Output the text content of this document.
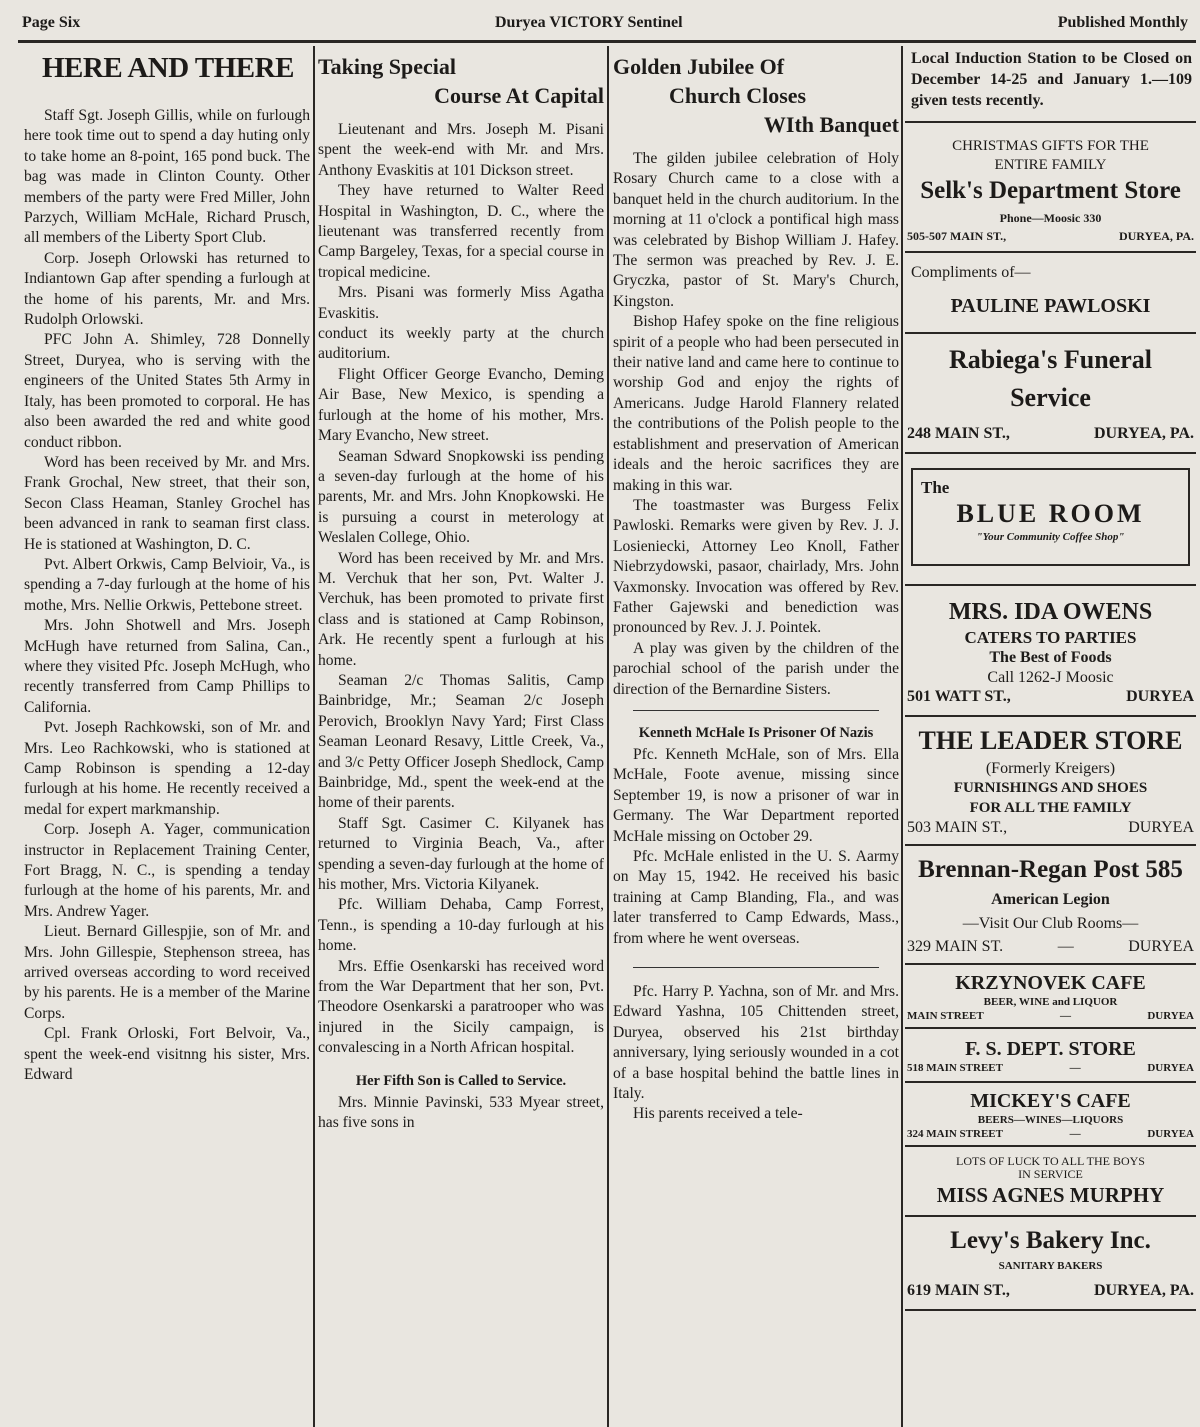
Page Six	Duryea VICTORY Sentinel	Published Monthly
HERE AND THERE

Staff Sgt. Joseph Gillis, while on furlough here took time out to spend a day huting only to take home an 8-point, 165 pond buck. The bag was made in Clinton County. Other members of the party were Fred Miller, John Parzych, William McHale, Richard Prusch, all members of the Liberty Sport Club.

Corp. Joseph Orlowski has returned to Indiantown Gap after spending a furlough at the home of his parents, Mr. and Mrs. Rudolph Orlowski.

PFC John A. Shimley, 728 Donnelly Street, Duryea, who is serving with the engineers of the United States 5th Army in Italy, has been promoted to corporal. He has also been awarded the red and white good conduct ribbon.

Word has been received by Mr. and Mrs. Frank Grochal, New street, that their son, Secon Class Heaman, Stanley Grochel has been advanced in rank to seaman first class. He is stationed at Washington, D. C.

Pvt. Albert Orkwis, Camp Belvioir, Va., is spending a 7-day furlough at the home of his mothe, Mrs. Nellie Orkwis, Pettebone street.

Mrs. John Shotwell and Mrs. Joseph McHugh have returned from Salina, Can., where they visited Pfc. Joseph McHugh, who recently transferred from Camp Phillips to California.

Pvt. Joseph Rachkowski, son of Mr. and Mrs. Leo Rachkowski, who is stationed at Camp Robinson is spending a 12-day furlough at his home. He recently received a medal for expert markmanship.

Corp. Joseph A. Yager, communication instructor in Replacement Training Center, Fort Bragg, N. C., is spending a tenday furlough at the home of his parents, Mr. and Mrs. Andrew Yager.

Lieut. Bernard Gillespjie, son of Mr. and Mrs. John Gillespie, Stephenson streea, has arrived overseas according to word received by his parents. He is a member of the Marine Corps.

Cpl. Frank Orloski, Fort Belvoir, Va., spent the week-end visitnng his sister, Mrs. Edward

Taking Special
Course At Capital

Lieutenant and Mrs. Joseph M. Pisani spent the week-end with Mr. and Mrs. Anthony Evaskitis at 101 Dickson street.

They have returned to Walter Reed Hospital in Washington, D. C., where the lieutenant was transferred recently from Camp Bargeley, Texas, for a special course in tropical medicine.

Mrs. Pisani was formerly Miss Agatha Evaskitis.

conduct its weekly party at the church auditorium.

Flight Officer George Evancho, Deming Air Base, New Mexico, is spending a furlough at the home of his mother, Mrs. Mary Evancho, New street.

Seaman Sdward Snopkowski iss pending a seven-day furlough at the home of his parents, Mr. and Mrs. John Knopkowski. He is pursuing a courst in meterology at Weslalen College, Ohio.

Word has been received by Mr. and Mrs. M. Verchuk that her son, Pvt. Walter J. Verchuk, has been promoted to private first class and is stationed at Camp Robinson, Ark. He recently spent a furlough at his home.

Seaman 2/c Thomas Salitis, Camp Bainbridge, Mr.; Seaman 2/c Joseph Perovich, Brooklyn Navy Yard; First Class Seaman Leonard Resavy, Little Creek, Va., and 3/c Petty Officer Joseph Shedlock, Camp Bainbridge, Md., spent the week-end at the home of their parents.

Staff Sgt. Casimer C. Kilyanek has returned to Virginia Beach, Va., after spending a seven-day furlough at the home of his mother, Mrs. Victoria Kilyanek.

Pfc. William Dehaba, Camp Forrest, Tenn., is spending a 10-day furlough at his home.

Mrs. Effie Osenkarski has received word from the War Department that her son, Pvt. Theodore Osenkarski a paratrooper who was injured in the Sicily campaign, is convalescing in a North African hospital.

Her Fifth Son is Called to Service.

Mrs. Minnie Pavinski, 533 Myear street, has five sons in

Golden Jubilee Of
Church Closes
WIth Banquet

The gilden jubilee celebration of Holy Rosary Church came to a close with a banquet held in the church auditorium. In the morning at 11 o'clock a pontifical high mass was celebrated by Bishop William J. Hafey. The sermon was preached by Rev. J. E. Gryczka, pastor of St. Mary's Church, Kingston.

Bishop Hafey spoke on the fine religious spirit of a people who had been persecuted in their native land and came here to continue to worship God and enjoy the rights of Americans. Judge Harold Flannery related the contributions of the Polish people to the establishment and preservation of American ideals and the heroic sacrifices they are making in this war.

The toastmaster was Burgess Felix Pawloski. Remarks were given by Rev. J. J. Losieniecki, Attorney Leo Knoll, Father Niebrzydowski, pasaor, chairlady, Mrs. John Vaxmonsky. Invocation was offered by Rev. Father Gajewski and benediction was pronounced by Rev. J. J. Pointek.

A play was given by the children of the parochial school of the parish under the direction of the Bernardine Sisters.

Kenneth McHale Is Prisoner Of Nazis

Pfc. Kenneth McHale, son of Mrs. Ella McHale, Foote avenue, missing since September 19, is now a prisoner of war in Germany. The War Department reported McHale missing on October 29.

Pfc. McHale enlisted in the U. S. Aarmy on May 15, 1942. He received his basic training at Camp Blanding, Fla., and was later transferred to Camp Edwards, Mass., from where he went overseas.

Pfc. Harry P. Yachna, son of Mr. and Mrs. Edward Yashna, 105 Chittenden street, Duryea, observed his 21st birthday anniversary, lying seriously wounded in a cot of a base hospital behind the battle lines in Italy.

His parents received a tele-

Local Induction Station to be Closed on December 14-25 and January 1.—109 given tests recently.
CHRISTMAS GIFTS FOR THE
ENTIRE FAMILY
Selk's Department Store
Phone—Moosic 330
505-507 MAIN ST.,	DURYEA, PA.
Compliments of—
PAULINE PAWLOSKI
Rabiega's Funeral
Service
248 MAIN ST.,	DURYEA, PA.
The
BLUE ROOM
"Your Community Coffee Shop"
MRS. IDA OWENS
CATERS TO PARTIES
The Best of Foods
Call 1262-J Moosic
501 WATT ST.,	DURYEA
THE LEADER STORE
(Formerly Kreigers)
FURNISHINGS AND SHOES
FOR ALL THE FAMILY
503 MAIN ST.,	DURYEA
Brennan-Regan Post 585
American Legion
—Visit Our Club Rooms—
329 MAIN ST.	—	DURYEA
KRZYNOVEK CAFE
BEER, WINE and LIQUOR
MAIN STREET	—	DURYEA
F. S. DEPT. STORE
518 MAIN STREET	—	DURYEA
MICKEY'S CAFE
BEERS—WINES—LIQUORS
324 MAIN STREET	—	DURYEA
LOTS OF LUCK TO ALL THE BOYS
IN SERVICE
MISS AGNES MURPHY
Levy's Bakery Inc.
SANITARY BAKERS
619 MAIN ST.,	DURYEA, PA.
